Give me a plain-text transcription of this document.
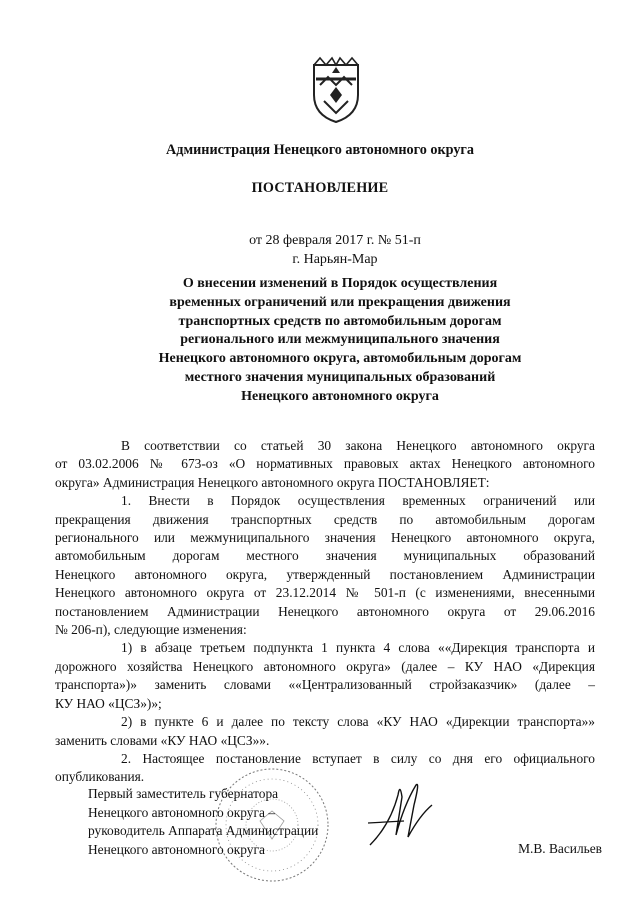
Администрация Ненецкого автономного округа
ПОСТАНОВЛЕНИЕ
от 28 февраля 2017 г. № 51-п
г. Нарьян-Мар
О внесении изменений в Порядок осуществления
временных ограничений или прекращения движения
транспортных средств по автомобильным дорогам
регионального или межмуниципального значения
Ненецкого автономного округа, автомобильным дорогам
местного значения муниципальных образований
Ненецкого автономного округа

В соответствии со статьей 30 закона Ненецкого автономного округа
от 03.02.2006 № 673-оз «О нормативных правовых актах Ненецкого автономного
округа» Администрация Ненецкого автономного округа ПОСТАНОВЛЯЕТ:

1. Внести в Порядок осуществления временных ограничений или
прекращения движения транспортных средств по автомобильным дорогам
регионального или межмуниципального значения Ненецкого автономного округа,
автомобильным дорогам местного значения муниципальных образований
Ненецкого автономного округа, утвержденный постановлением Администрации
Ненецкого автономного округа от 23.12.2014 № 501-п (с изменениями, внесенными
постановлением Администрации Ненецкого автономного округа от 29.06.2016
№ 206-п), следующие изменения:

1) в абзаце третьем подпункта 1 пункта 4 слова ««Дирекция транспорта и
дорожного хозяйства Ненецкого автономного округа» (далее – КУ НАО «Дирекция
транспорта»)» заменить словами ««Централизованный стройзаказчик» (далее –
КУ НАО «ЦСЗ»)»;

2) в пункте 6 и далее по тексту слова «КУ НАО «Дирекции транспорта»»
заменить словами «КУ НАО «ЦСЗ»».

2. Настоящее постановление вступает в силу со дня его официального
опубликования.

Первый заместитель губернатора
Ненецкого автономного округа –
руководитель Аппарата Администрации
Ненецкого автономного округа	М.В. Васильев
